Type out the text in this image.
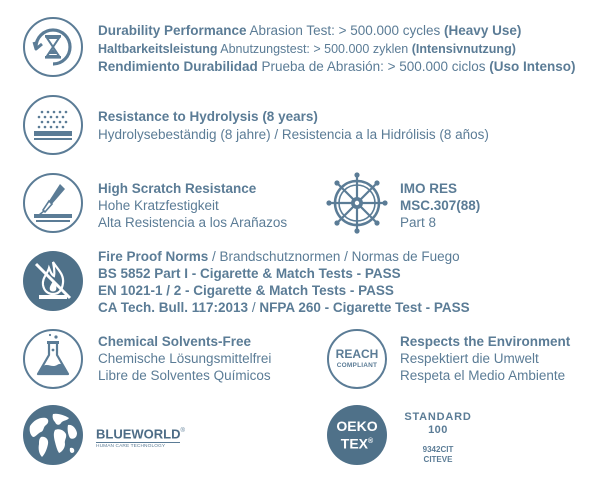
Durability Performance Abrasion Test: > 500.000 cycles (Heavy Use)
Haltbarkeitsleistung Abnutzungstest: > 500.000 zyklen (Intensivnutzung)
Rendimiento Durabilidad Prueba de Abrasión: > 500.000 ciclos (Uso Intenso)
Resistance to Hydrolysis (8 years)
Hydrolysebeständig (8 jahre) / Resistencia a la Hidrólisis (8 años)
High Scratch Resistance
Hohe Kratzfestigkeit
Alta Resistencia a los Arañazos
IMO RES
MSC.307(88)
Part 8
Fire Proof Norms / Brandschutznormen / Normas de Fuego
BS 5852 Part I - Cigarette & Match Tests - PASS
EN 1021-1 / 2 - Cigarette & Match Tests - PASS
CA Tech. Bull. 117:2013 / NFPA 260 - Cigarette Test - PASS
Chemical Solvents-Free
Chemische Lösungsmittelfrei
Libre de Solventes Químicos
REACH
COMPLIANT
Respects the Environment
Respektiert die Umwelt
Respeta el Medio Ambiente
BLUEWORLD®
HUMAN CARE TECHNOLOGY
OEKO
TEX®
STANDARD
100
9342CIT
CITEVE
